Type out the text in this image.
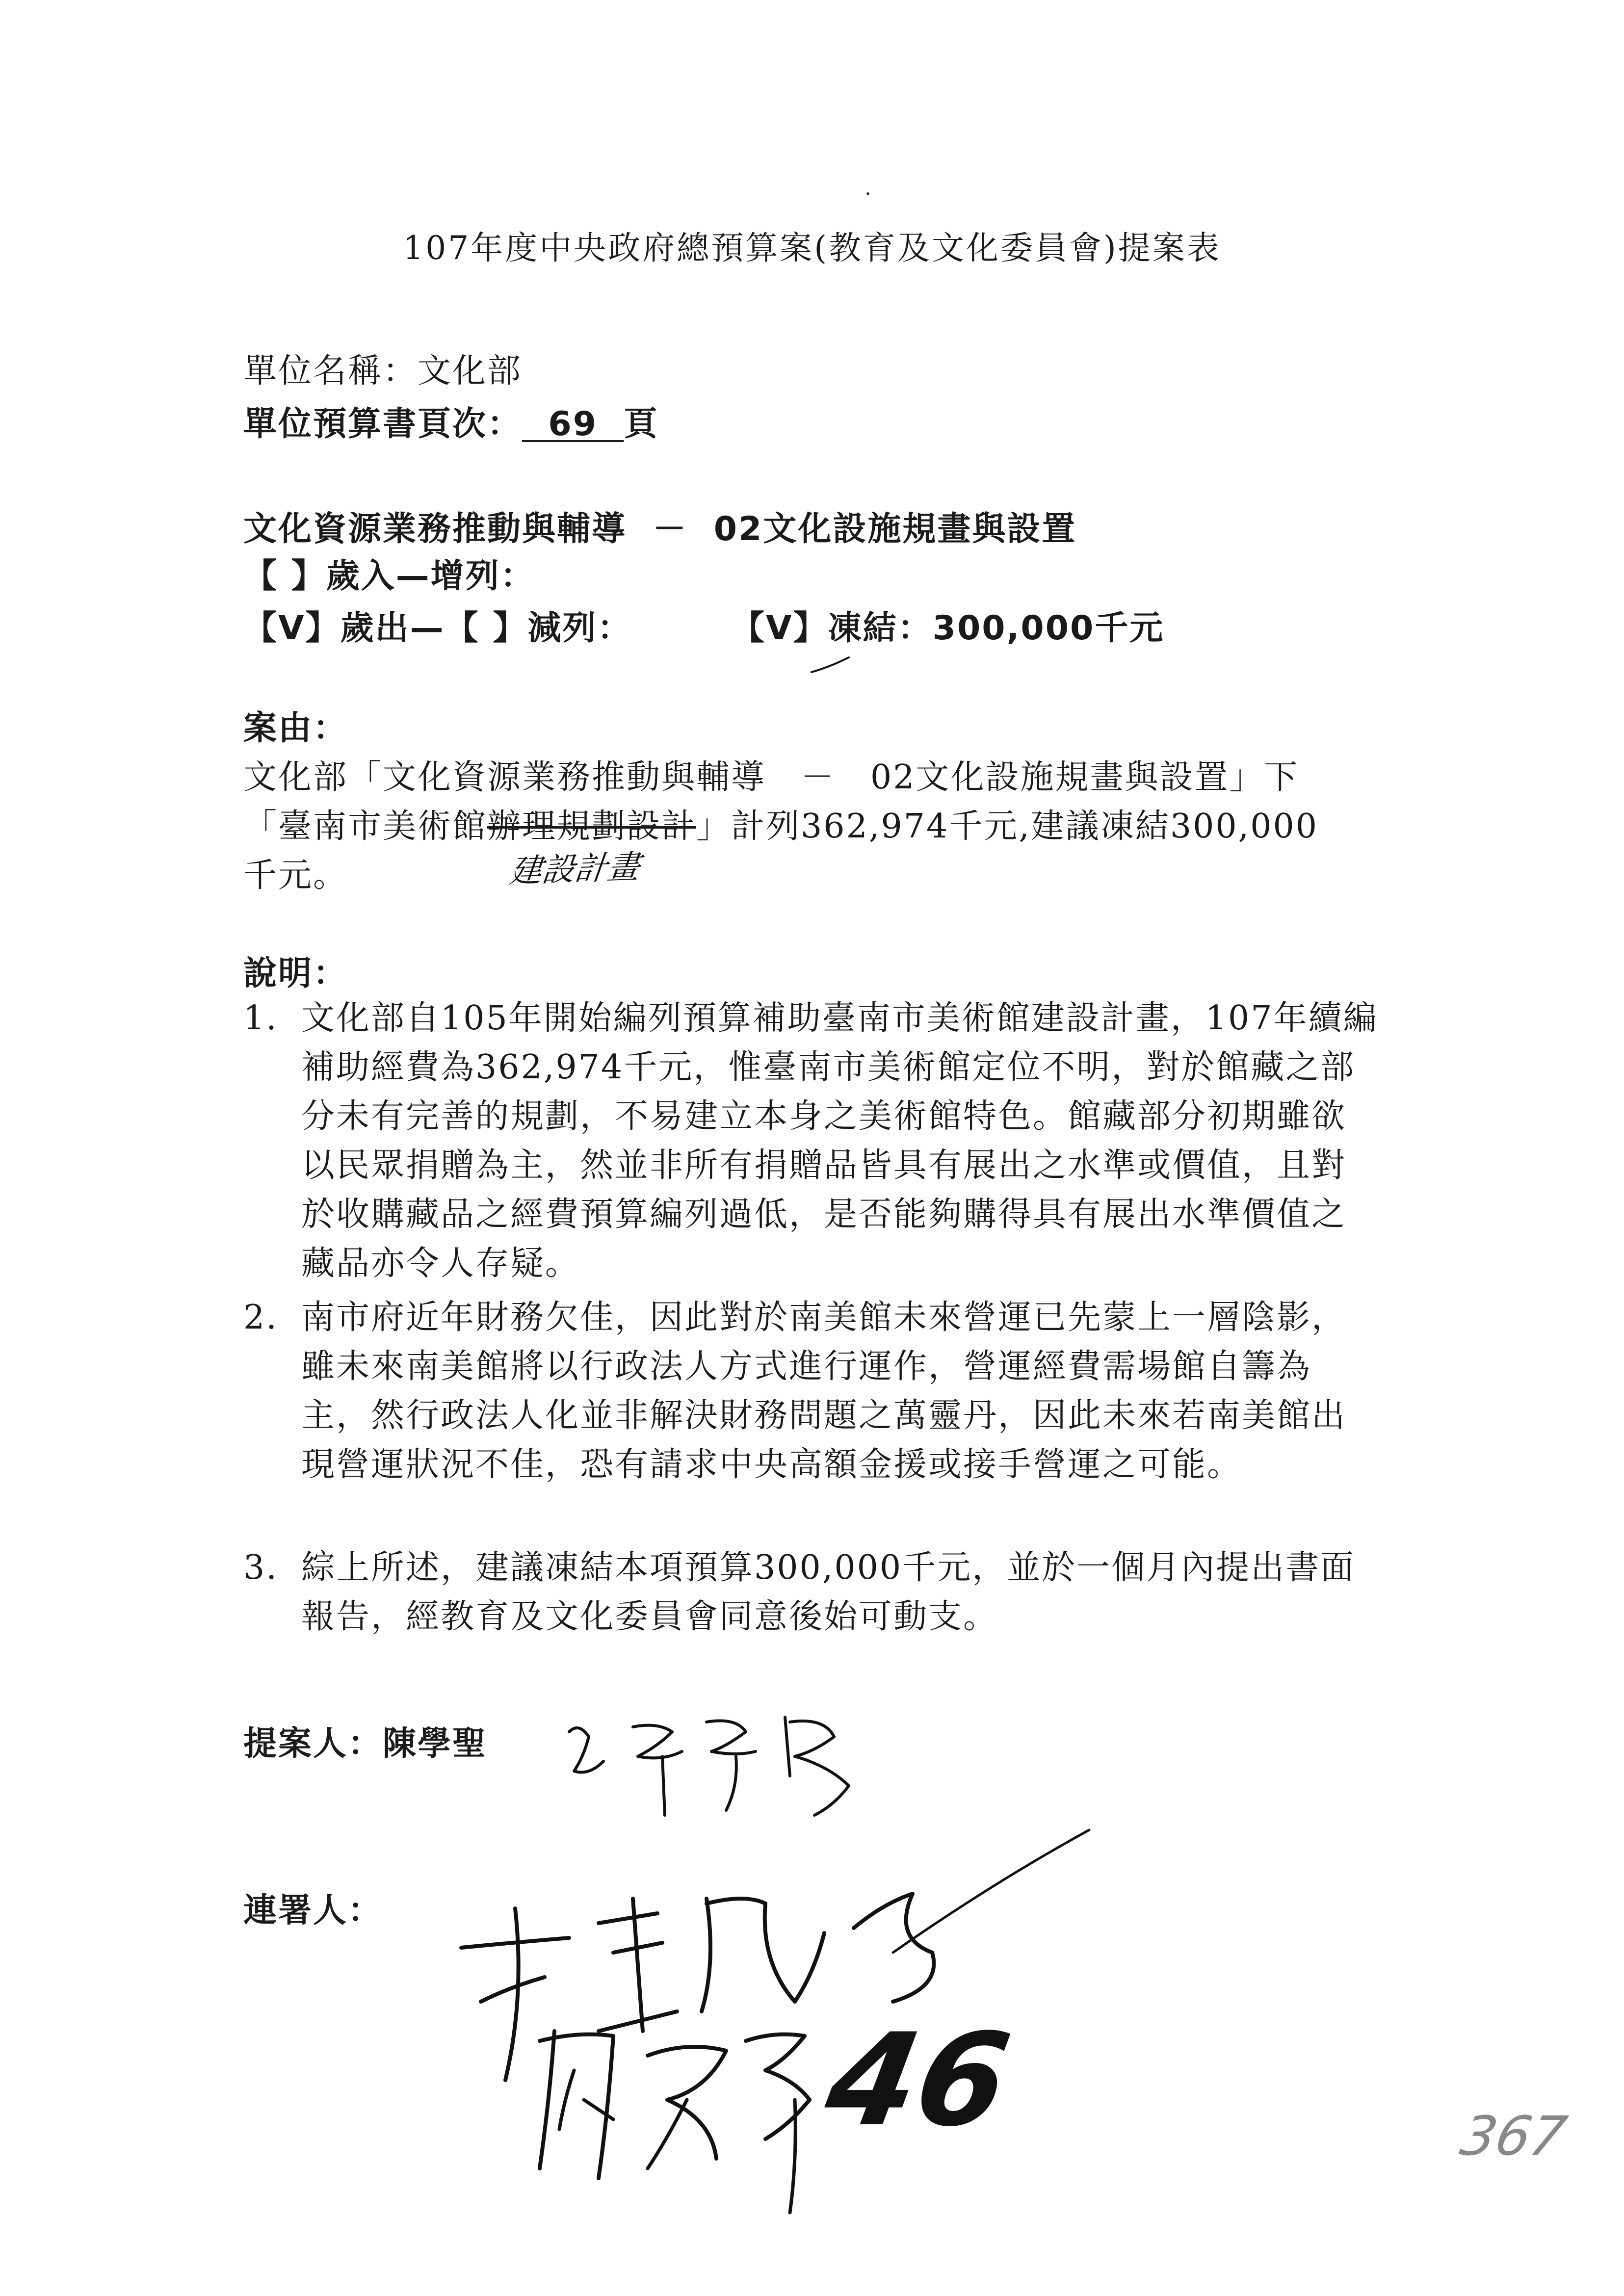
107年度中央政府總預算案(教育及文化委員會)提案表
單位名稱：文化部
單位預算書頁次： 69 頁
文化資源業務推動與輔導 － 02文化設施規畫與設置
【 】歲入—增列：
【V】歲出—【 】減列：	【V】凍結：300,000千元
案由：
文化部「文化資源業務推動與輔導　－　02文化設施規畫與設置」下
「臺南市美術館辦理規劃設計」計列362,974千元,建議凍結300,000
千元。	建設計畫
說明：
1. 文化部自105年開始編列預算補助臺南市美術館建設計畫，107年續編補助經費為362,974千元，惟臺南市美術館定位不明，對於館藏之部分未有完善的規劃，不易建立本身之美術館特色。館藏部分初期雖欲以民眾捐贈為主，然並非所有捐贈品皆具有展出之水準或價值，且對於收購藏品之經費預算編列過低，是否能夠購得具有展出水準價值之藏品亦令人存疑。
2. 南市府近年財務欠佳，因此對於南美館未來營運已先蒙上一層陰影，雖未來南美館將以行政法人方式進行運作，營運經費需場館自籌為主，然行政法人化並非解決財務問題之萬靈丹，因此未來若南美館出現營運狀況不佳，恐有請求中央高額金援或接手營運之可能。
3. 綜上所述，建議凍結本項預算300,000千元，並於一個月內提出書面報告，經教育及文化委員會同意後始可動支。
提案人：陳學聖
連署人：
46	367
